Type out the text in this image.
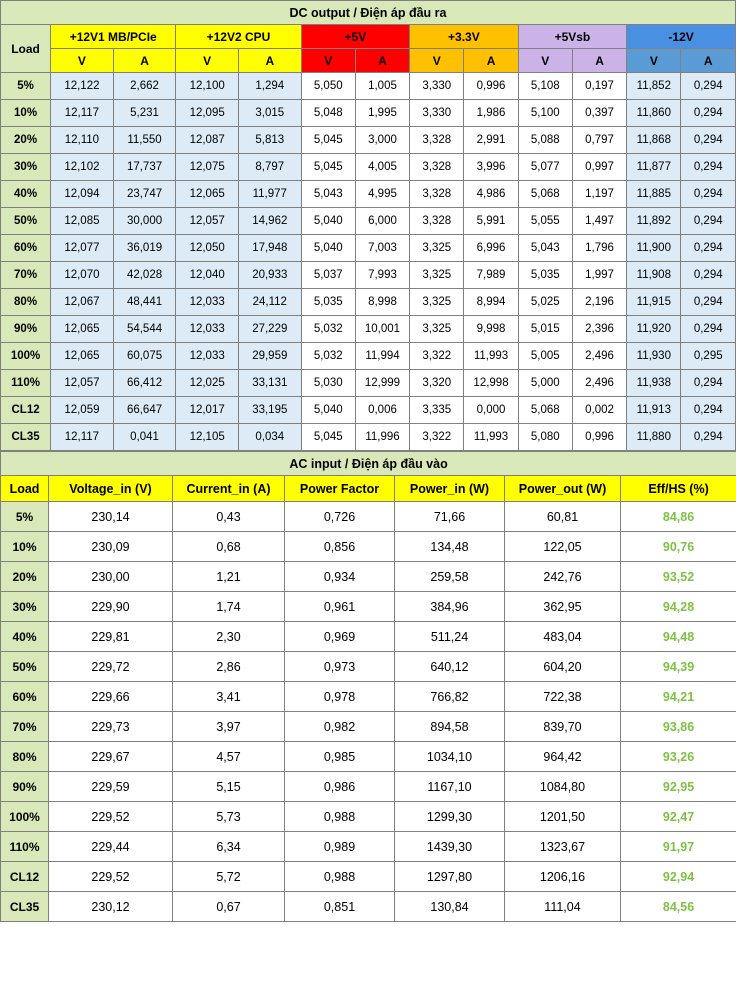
DC output / Điện áp đầu ra												
Load	+12V1 MB/PCIe		+12V2 CPU		+5V		+3.3V		+5Vsb		-12V	
	V	A	V	A	V	A	V	A	V	A	V	A
5%	12,122	2,662	12,100	1,294	5,050	1,005	3,330	0,996	5,108	0,197	11,852	0,294
10%	12,117	5,231	12,095	3,015	5,048	1,995	3,330	1,986	5,100	0,397	11,860	0,294
20%	12,110	11,550	12,087	5,813	5,045	3,000	3,328	2,991	5,088	0,797	11,868	0,294
30%	12,102	17,737	12,075	8,797	5,045	4,005	3,328	3,996	5,077	0,997	11,877	0,294
40%	12,094	23,747	12,065	11,977	5,043	4,995	3,328	4,986	5,068	1,197	11,885	0,294
50%	12,085	30,000	12,057	14,962	5,040	6,000	3,328	5,991	5,055	1,497	11,892	0,294
60%	12,077	36,019	12,050	17,948	5,040	7,003	3,325	6,996	5,043	1,796	11,900	0,294
70%	12,070	42,028	12,040	20,933	5,037	7,993	3,325	7,989	5,035	1,997	11,908	0,294
80%	12,067	48,441	12,033	24,112	5,035	8,998	3,325	8,994	5,025	2,196	11,915	0,294
90%	12,065	54,544	12,033	27,229	5,032	10,001	3,325	9,998	5,015	2,396	11,920	0,294
100%	12,065	60,075	12,033	29,959	5,032	11,994	3,322	11,993	5,005	2,496	11,930	0,295
110%	12,057	66,412	12,025	33,131	5,030	12,999	3,320	12,998	5,000	2,496	11,938	0,294
CL12	12,059	66,647	12,017	33,195	5,040	0,006	3,335	0,000	5,068	0,002	11,913	0,294
CL35	12,117	0,041	12,105	0,034	5,045	11,996	3,322	11,993	5,080	0,996	11,880	0,294
AC input / Điện áp đầu vào						
Load	Voltage_in (V)	Current_in (A)	Power Factor	Power_in (W)	Power_out (W)	Eff/HS (%)
5%	230,14	0,43	0,726	71,66	60,81	84,86
10%	230,09	0,68	0,856	134,48	122,05	90,76
20%	230,00	1,21	0,934	259,58	242,76	93,52
30%	229,90	1,74	0,961	384,96	362,95	94,28
40%	229,81	2,30	0,969	511,24	483,04	94,48
50%	229,72	2,86	0,973	640,12	604,20	94,39
60%	229,66	3,41	0,978	766,82	722,38	94,21
70%	229,73	3,97	0,982	894,58	839,70	93,86
80%	229,67	4,57	0,985	1034,10	964,42	93,26
90%	229,59	5,15	0,986	1167,10	1084,80	92,95
100%	229,52	5,73	0,988	1299,30	1201,50	92,47
110%	229,44	6,34	0,989	1439,30	1323,67	91,97
CL12	229,52	5,72	0,988	1297,80	1206,16	92,94
CL35	230,12	0,67	0,851	130,84	111,04	84,56
